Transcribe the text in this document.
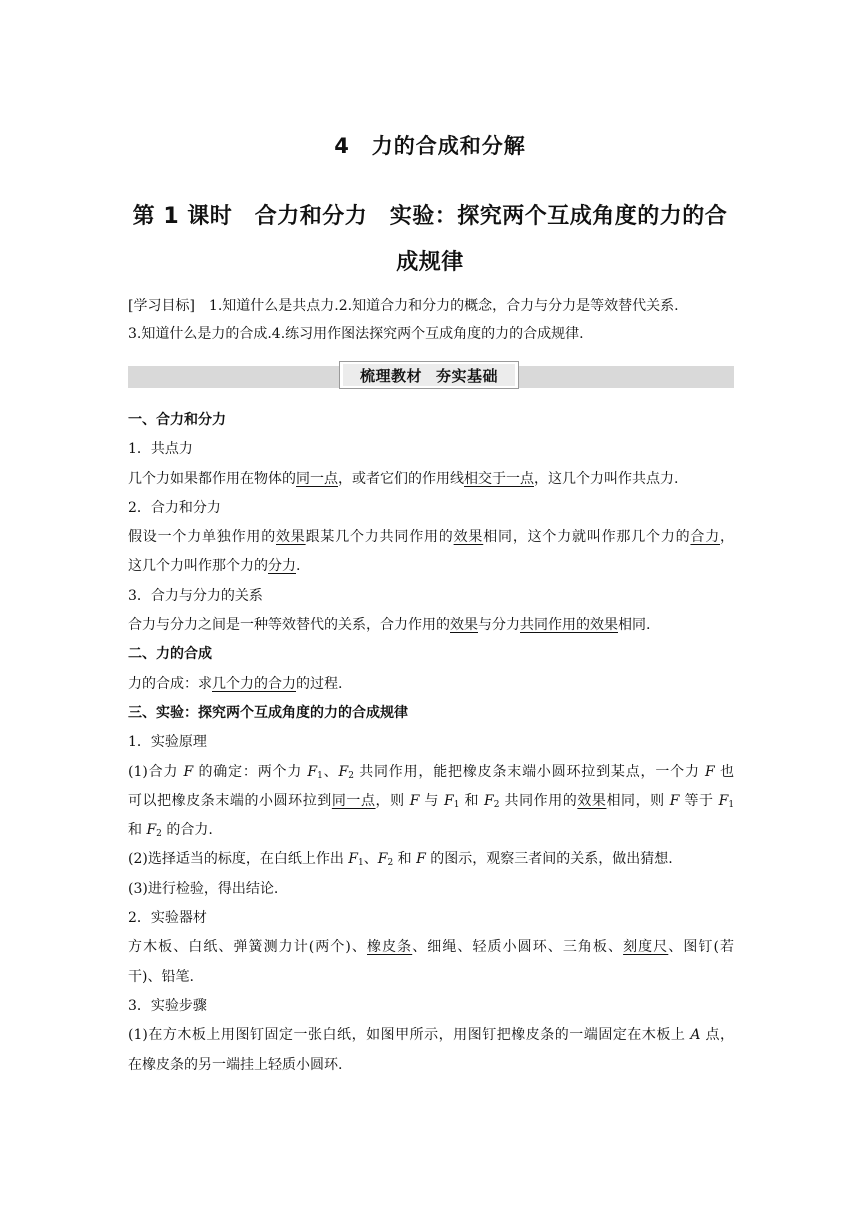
4　力的合成和分解
第 1 课时　合力和分力　实验：探究两个互成角度的力的合
成规律
[学习目标]　1.知道什么是共点力.2.知道合力和分力的概念，合力与分力是等效替代关系.
3.知道什么是力的合成.4.练习用作图法探究两个互成角度的力的合成规律.
梳理教材 夯实基础
一、合力和分力
1．共点力
几个力如果都作用在物体的同一点，或者它们的作用线相交于一点，这几个力叫作共点力.
2．合力和分力
假设一个力单独作用的效果跟某几个力共同作用的效果相同，这个力就叫作那几个力的合力，
这几个力叫作那个力的分力.
3．合力与分力的关系
合力与分力之间是一种等效替代的关系，合力作用的效果与分力共同作用的效果相同.
二、力的合成
力的合成：求几个力的合力的过程.
三、实验：探究两个互成角度的力的合成规律
1．实验原理
(1)合力 F 的确定：两个力 $F_1$、$F_2$ 共同作用，能把橡皮条末端小圆环拉到某点，一个力 F 也
可以把橡皮条末端的小圆环拉到同一点，则 F 与 $F_1$ 和 $F_2$ 共同作用的效果相同，则 F 等于 $F_1$
和 $F_2$ 的合力.
(2)选择适当的标度，在白纸上作出 $F_1$、$F_2$ 和 F 的图示，观察三者间的关系，做出猜想.
(3)进行检验，得出结论.
2．实验器材
方木板、白纸、弹簧测力计(两个)、橡皮条、细绳、轻质小圆环、三角板、刻度尺、图钉(若
干)、铅笔.
3．实验步骤
(1)在方木板上用图钉固定一张白纸，如图甲所示，用图钉把橡皮条的一端固定在木板上 A 点，
在橡皮条的另一端挂上轻质小圆环.
